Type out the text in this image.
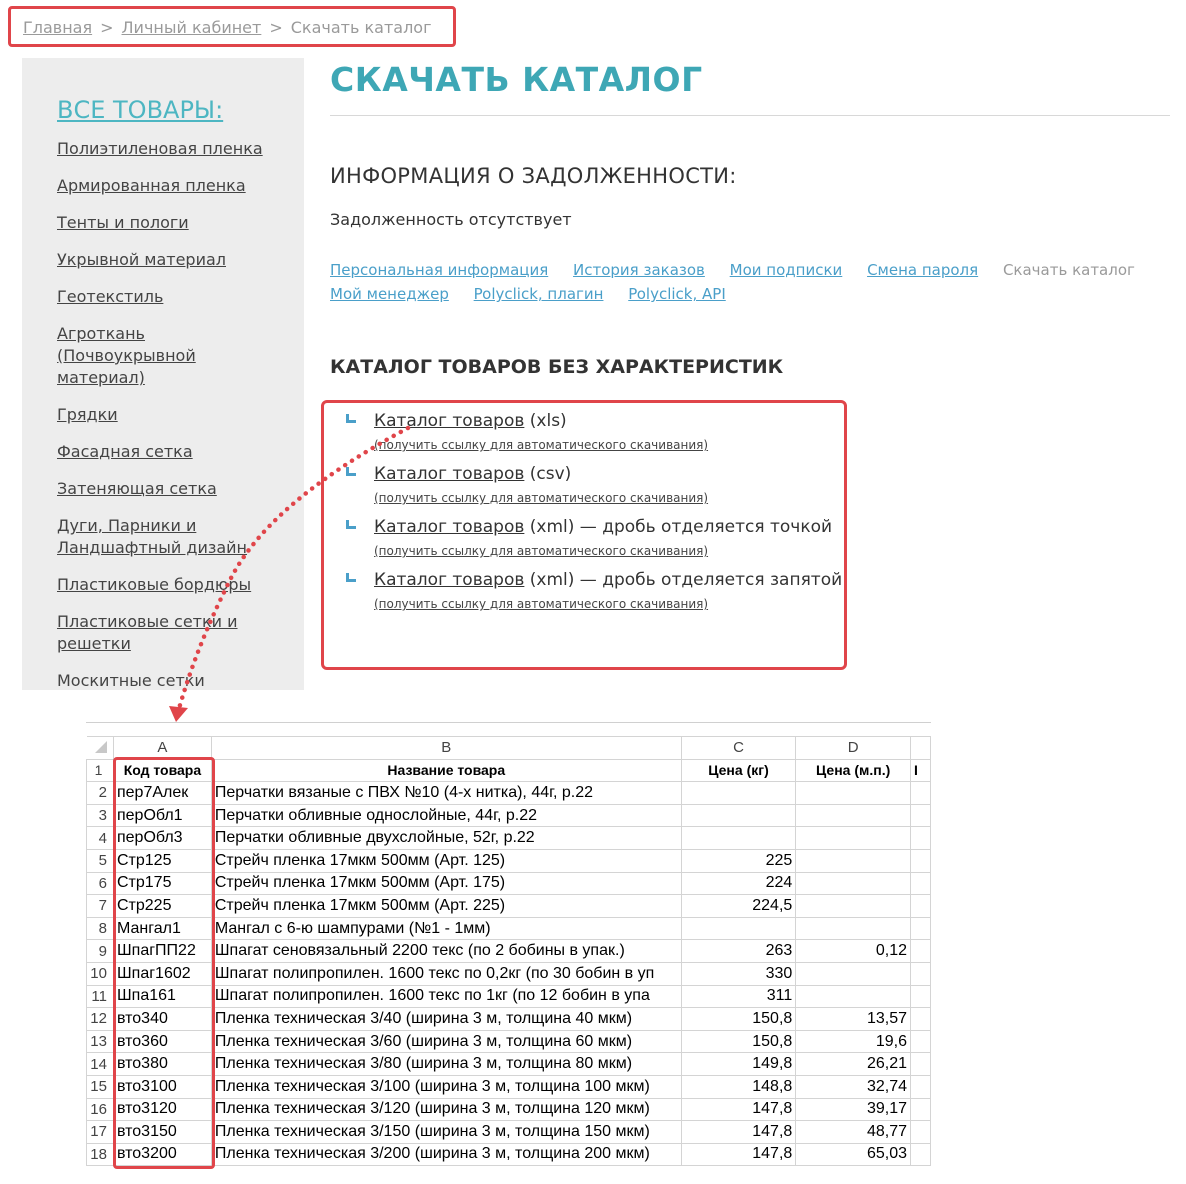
Главная > Личный кабинет > Скачать каталог
ВСЕ ТОВАРЫ:
Полиэтиленовая пленка
Армированная пленка
Тенты и пологи
Укрывной материал
Геотекстиль
Агроткань (Почвоукрывной материал)
Грядки
Фасадная сетка
Затеняющая сетка
Дуги, Парники и Ландшафтный дизайн
Пластиковые бордюры
Пластиковые сетки и решетки
Москитные сетки
СКАЧАТЬ КАТАЛОГ
ИНФОРМАЦИЯ О ЗАДОЛЖЕННОСТИ:
Задолженность отсутствует
Персональная информация История заказов Мои подписки Смена пароля Скачать каталог
Мой менеджер Polyclick, плагин Polyclick, API
КАТАЛОГ ТОВАРОВ БЕЗ ХАРАКТЕРИСТИК
Каталог товаров (xls)
(получить ссылку для автоматического скачивания)
Каталог товаров (csv)
(получить ссылку для автоматического скачивания)
Каталог товаров (xml) — дробь отделяется точкой
(получить ссылку для автоматического скачивания)
Каталог товаров (xml) — дробь отделяется запятой
(получить ссылку для автоматического скачивания)
	A	B	C	D	
1	Код товара	Название товара	Цена (кг)	Цена (м.п.)	I
2	пер7Алек	Перчатки вязаные с ПВХ №10 (4-х нитка), 44г, р.22			
3	перОбл1	Перчатки обливные однослойные, 44г, р.22			
4	перОбл3	Перчатки обливные двухслойные, 52г, р.22			
5	Стр125	Стрейч пленка 17мкм 500мм (Арт. 125)	225		
6	Стр175	Стрейч пленка 17мкм 500мм (Арт. 175)	224		
7	Стр225	Стрейч пленка 17мкм 500мм (Арт. 225)	224,5		
8	Мангал1	Мангал с 6-ю шампурами (№1 - 1мм)			
9	ШпагПП22	Шпагат сеновязальный 2200 текс (по 2 бобины в упак.)	263	0,12	
10	Шпаг1602	Шпагат полипропилен. 1600 текс по 0,2кг (по 30 бобин в уп	330		
11	Шпа161	Шпагат полипропилен. 1600 текс по 1кг (по 12 бобин в упа	311		
12	вто340	Пленка техническая 3/40 (ширина 3 м, толщина 40 мкм)	150,8	13,57	
13	вто360	Пленка техническая 3/60 (ширина 3 м, толщина 60 мкм)	150,8	19,6	
14	вто380	Пленка техническая 3/80 (ширина 3 м, толщина 80 мкм)	149,8	26,21	
15	вто3100	Пленка техническая 3/100 (ширина 3 м, толщина 100 мкм)	148,8	32,74	
16	вто3120	Пленка техническая 3/120 (ширина 3 м, толщина 120 мкм)	147,8	39,17	
17	вто3150	Пленка техническая 3/150 (ширина 3 м, толщина 150 мкм)	147,8	48,77	
18	вто3200	Пленка техническая 3/200 (ширина 3 м, толщина 200 мкм)	147,8	65,03	
